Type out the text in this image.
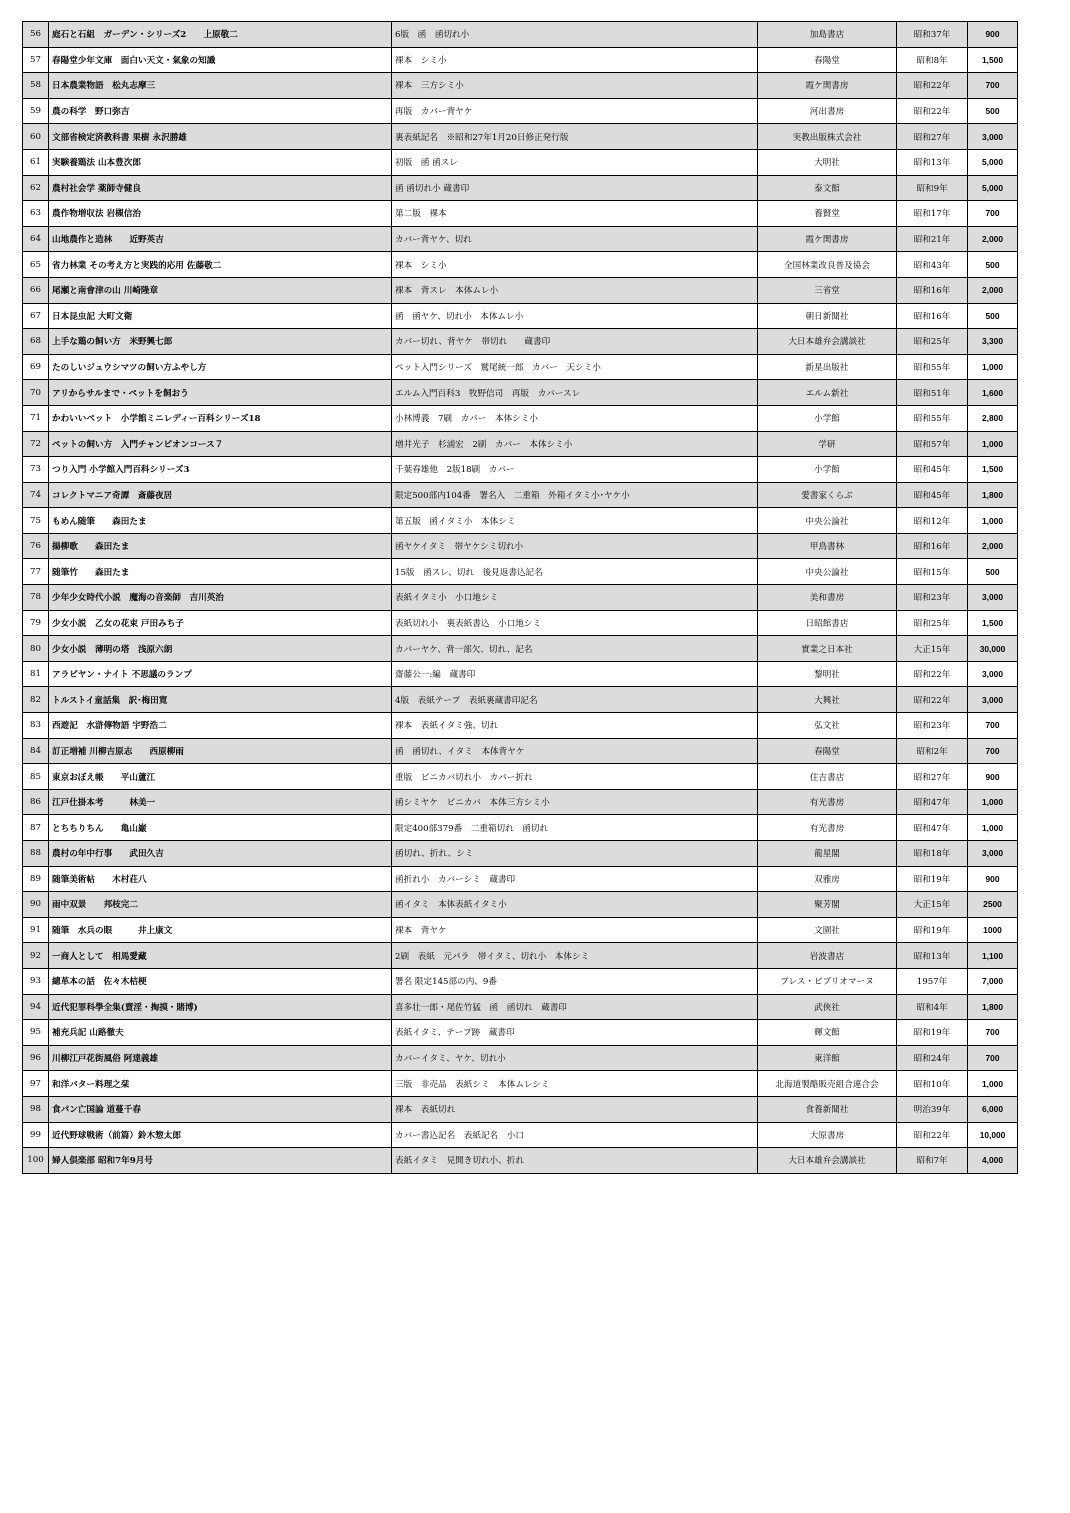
56	庭石と石組　ガーデン・シリーズ2　　上原敬二	6版　函　函切れ小	加島書店	昭和37年	900
57	春陽堂少年文庫　面白い天文・氣象の知識	裸本　シミ小	春陽堂	昭和8年	1,500
58	日本農業物語　松丸志摩三	裸本　三方シミ小	霞ケ関書房	昭和22年	700
59	農の科学　野口弥吉	再版　カバー背ヤケ	河出書房	昭和22年	500
60	文部省検定済教科書 果樹 永沢勝雄	裏表紙記名　※昭和27年1月20日修正発行版	実教出版株式会社	昭和27年	3,000
61	実験養鶏法 山本豊次郎	初版　函 函スレ	大明社	昭和13年	5,000
62	農村社会学 薬師寺健良	函 函切れ小 蔵書印	泰文館	昭和9年	5,000
63	農作物増収法 岩槻信治	第二版　裸本	養賢堂	昭和17年	700
64	山地農作と造林　　近野英吉	カバー背ヤケ、切れ	霞ケ関書房	昭和21年	2,000
65	省力林業 その考え方と実践的応用 佐藤敬二	裸本　シミ小	全国林業改良普及協会	昭和43年	500
66	尾瀬と南會津の山 川崎隆章	裸本　背スレ　本体ムレ小	三省堂	昭和16年	2,000
67	日本昆虫記 大町文衛	函　函ヤケ、切れ小　本体ムレ小	朝日新聞社	昭和16年	500
68	上手な鶏の飼い方　米野興七郎	カバー切れ、背ヤケ　帯切れ　　蔵書印	大日本雄弁会講談社	昭和25年	3,300
69	たのしいジュウシマツの飼い方ふやし方	ペット入門シリーズ　鷲尾統一郎　カバー　天シミ小	新星出版社	昭和55年	1,000
70	アリからサルまで・ペットを飼おう	エルム入門百科3　牧野信司　再版　カバースレ	エルム新社	昭和51年	1,600
71	かわいいペット　小学館ミニレディー百科シリーズ18	小林博義　7刷　カバー　本体シミ小	小学館	昭和55年	2,800
72	ペットの飼い方　入門チャンピオンコース７	増井光子　杉浦宏　2刷　カバー　本体シミ小	学研	昭和57年	1,000
73	つり入門 小学館入門百科シリーズ3	千葉春雄他　2版18刷　カバー	小学館	昭和45年	1,500
74	コレクトマニア奇譚　斎藤夜居	限定500部内104番　署名入　二重箱　外箱イタミ小･ヤケ小	愛書家くらぶ	昭和45年	1,800
75	もめん随筆　　森田たま	第五版　函イタミ小　本体シミ	中央公論社	昭和12年	1,000
76	揚柳歌　　森田たま	函ヤケイタミ　帯ヤケシミ切れ小	甲鳥書林	昭和16年	2,000
77	随筆竹　　森田たま	15版　函スレ、切れ　後見返書込記名	中央公論社	昭和15年	500
78	少年少女時代小説　魔海の音楽師　吉川英治	表紙イタミ小　小口地シミ	美和書房	昭和23年	3,000
79	少女小説　乙女の花束 戸田みち子	表紙切れ小　裏表紙書込　小口地シミ	日昭館書店	昭和25年	1,500
80	少女小説　薄明の塔　浅原六朗	カバーヤケ、背一部欠、切れ、記名	實業之日本社	大正15年	30,000
81	アラビヤン・ナイト 不思議のランプ	齋藤公一:編　蔵書印	黎明社	昭和22年	3,000
82	トルストイ童話集　訳･梅田寛	4版　表紙テープ　表紙裏蔵書印記名	大興社	昭和22年	3,000
83	西遊記　水滸傳物語 宇野浩二	裸本　表紙イタミ強、切れ	弘文社	昭和23年	700
84	訂正増補 川柳吉原志　　西原柳雨	函　函切れ、イタミ　本体背ヤケ	春陽堂	昭和2年	700
85	東京おぼえ帳　　平山蘆江	重版　ビニカバ切れ小　カバー折れ	住吉書店	昭和27年	900
86	江戸仕掛本考　　　林美一	函シミヤケ　ビニカバ　本体三方シミ小	有光書房	昭和47年	1,000
87	とちちりちん　　亀山巌	限定400部379番　二重箱切れ　函切れ	有光書房	昭和47年	1,000
88	農村の年中行事　　武田久吉	函切れ、折れ、シミ	龍星閣	昭和18年	3,000
89	随筆美術帖　　木村荘八	函折れ小　カバーシミ　蔵書印	双雅房	昭和19年	900
90	雨中双景　　邦枝完二	函イタミ　本体表紙イタミ小	聚芳閣	大正15年	2500
91	随筆　水兵の眼　　　井上康文	裸本　背ヤケ	文園社	昭和19年	1000
92	一商人として　相馬愛藏	2刷　表紙　元パラ　帯イタミ、切れ小　本体シミ	岩波書店	昭和13年	1,100
93	總革本の話　佐々木桔梗	署名 限定145部の内、9番	プレス・ビブリオマーヌ	1957年	7,000
94	近代犯罪科學全集(賣淫・掏摸・賭博)	喜多壮一郎・尾佐竹猛　函　函切れ　蔵書印	武俠社	昭和4年	1,800
95	補充兵記 山路徹夫	表紙イタミ、テープ跡　蔵書印	輝文館	昭和19年	700
96	川柳江戸花街風俗 阿達義雄	カバーイタミ、ヤケ、切れ小	東洋館	昭和24年	700
97	和洋バター料理之栞	三版　非売品　表紙シミ　本体ムレシミ	北海道製酪販売組合連合会	昭和10年	1,000
98	食パン亡国論 道蔓千春	裸本　表紙切れ	食養新聞社	明治39年	6,000
99	近代野球戦術（前篇）鈴木惣太郎	カバー書込記名　表紙記名　小口	大原書房	昭和22年	10,000
100	婦人倶楽部 昭和7年9月号	表紙イタミ　見開き切れ小、折れ	大日本雄弁会講談社	昭和7年	4,000
